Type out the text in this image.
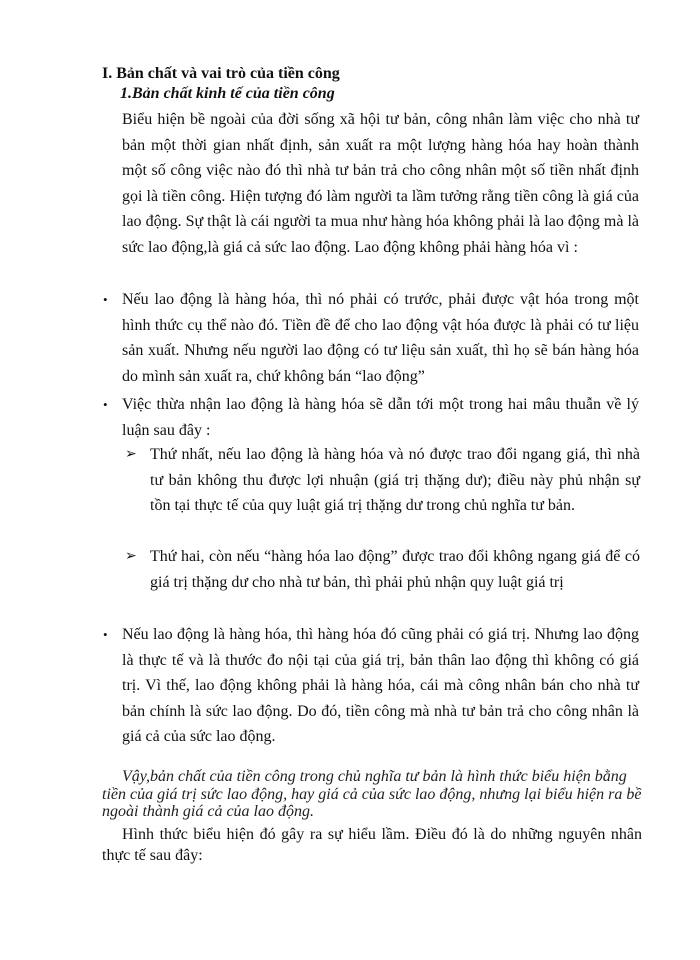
I. Bản chất và vai trò của tiền công
1.Bản chất kinh tế của tiền công
Biểu hiện bề ngoài của đời sống xã hội tư bản, công nhân làm việc cho nhà tư bản một thời gian nhất định, sản xuất ra một lượng hàng hóa hay hoàn thành một số công việc nào đó thì nhà tư bản trả cho công nhân một số tiền nhất định gọi là tiền công. Hiện tượng đó làm người ta lầm tưởng rằng tiền công là giá của lao động. Sự thật là cái người ta mua như hàng hóa không phải là lao động mà là sức lao động,là giá cả sức lao động. Lao động không phải hàng hóa vì :
• Nếu lao động là hàng hóa, thì nó phải có trước, phải được vật hóa trong một hình thức cụ thể nào đó. Tiền đề để cho lao động vật hóa được là phải có tư liệu sản xuất. Nhưng nếu người lao động có tư liệu sản xuất, thì họ sẽ bán hàng hóa do mình sản xuất ra, chứ không bán “lao động”
• Việc thừa nhận lao động là hàng hóa sẽ dẫn tới một trong hai mâu thuẫn về lý luận sau đây :
➢ Thứ nhất, nếu lao động là hàng hóa và nó được trao đổi ngang giá, thì nhà tư bản không thu được lợi nhuận (giá trị thặng dư); điều này phủ nhận sự tồn tại thực tế của quy luật giá trị thặng dư trong chủ nghĩa tư bản.
➢ Thứ hai, còn nếu “hàng hóa lao động” được trao đổi không ngang giá để có giá trị thặng dư cho nhà tư bản, thì phải phủ nhận quy luật giá trị
• Nếu lao động là hàng hóa, thì hàng hóa đó cũng phải có giá trị. Nhưng lao động là thực tế và là thước đo nội tại của giá trị, bản thân lao động thì không có giá trị. Vì thế, lao động không phải là hàng hóa, cái mà công nhân bán cho nhà tư bản chính là sức lao động. Do đó, tiền công mà nhà tư bản trả cho công nhân là giá cả của sức lao động.
Vậy,bản chất của tiền công trong chủ nghĩa tư bản là hình thức biểu hiện bằng tiền của giá trị sức lao động, hay giá cả của sức lao động, nhưng lại biểu hiện ra bề ngoài thành giá cả của lao động.
Hình thức biểu hiện đó gây ra sự hiểu lầm. Điều đó là do những nguyên nhân thực tế sau đây:
